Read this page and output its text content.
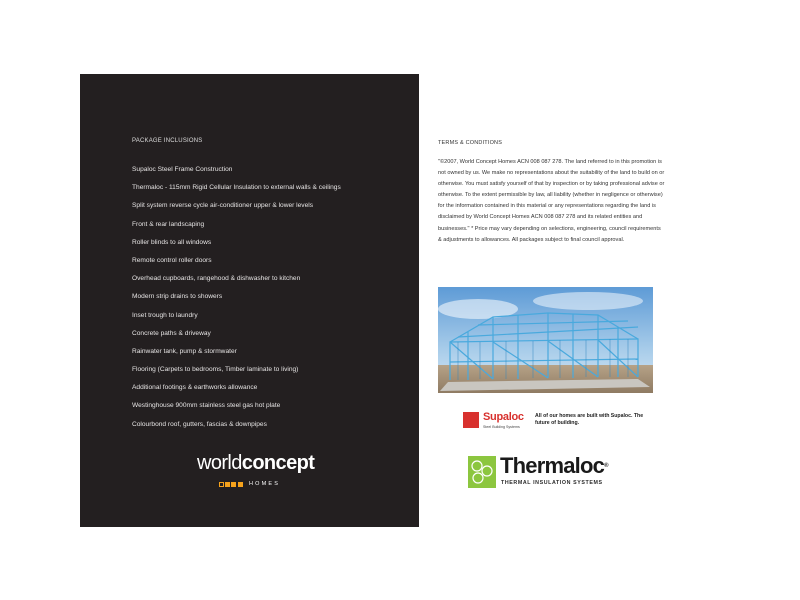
PACKAGE INCLUSIONS
Supaloc Steel Frame Construction
Thermaloc - 115mm Rigid Cellular Insulation to external walls & ceilings
Split system reverse cycle air-conditioner upper & lower levels
Front & rear landscaping
Roller blinds to all windows
Remote control roller doors
Overhead cupboards, rangehood & dishwasher to kitchen
Modern strip drains to showers
Inset trough to laundry
Concrete paths & driveway
Rainwater tank, pump & stormwater
Flooring (Carpets to bedrooms, Timber laminate to living)
Additional footings & earthworks allowance
Westinghouse 900mm stainless steel gas hot plate
Colourbond roof, gutters, fascias & downpipes
worldconcept
HOMES
TERMS & CONDITIONS
"©2007, World Concept Homes ACN 008 087 278. The land referred to in this promotion is not owned by us. We make no representations about the suitability of the land to build on or otherwise. You must satisfy yourself of that by inspection or by taking professional advise or otherwise. To the extent permissible by law, all liability (whether in negligence or otherwise) for the information contained in this material or any representations regarding the land is disclaimed by World Concept Homes ACN 008 087 278 and its related entities and businesses." * Price may vary depending on selections, engineering, council requirements & adjustments to allowances. All packages subject to final council approval.
Supaloc
Steel Building Systems
All of our homes are built with Supaloc. The future of building.
Thermaloc®
THERMAL INSULATION SYSTEMS
